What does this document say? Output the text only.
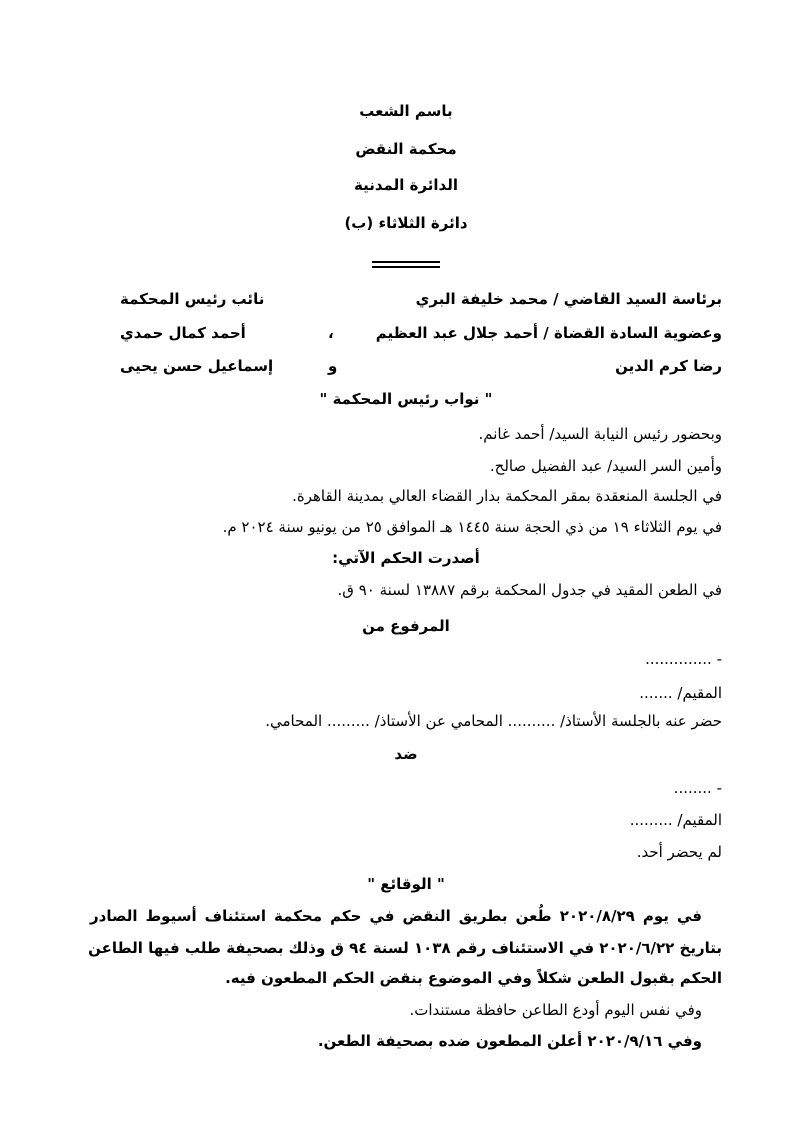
باسم الشعب
محكمة النقض
الدائرة المدنية
دائرة الثلاثاء (ب)
برئاسة السيد القاضي / محمد خليفة البري
نائب رئيس المحكمة
وعضوية السادة القضاة / أحمد جلال عبد العظيم
،
أحمد كمال حمدي
رضا كرم الدين
و
إسماعيل حسن يحيى
" نواب رئيس المحكمة "
وبحضور رئيس النيابة السيد/ أحمد غانم.
وأمين السر السيد/ عبد الفضيل صالح.
في الجلسة المنعقدة بمقر المحكمة بدار القضاء العالي بمدينة القاهرة.
في يوم الثلاثاء ١٩ من ذي الحجة سنة ١٤٤٥ هـ الموافق ٢٥ من يونيو سنة ٢٠٢٤ م.
أصدرت الحكم الآتي:
في الطعن المقيد في جدول المحكمة برقم ١٣٨٨٧ لسنة ٩٠ ق.
المرفوع من
- ..............
المقيم/ .......
حضر عنه بالجلسة الأستاذ/ .......... المحامي عن الأستاذ/ ......... المحامي.
ضد
- ........
المقيم/ .........
لم يحضر أحد.
" الوقائع "
في يوم ٢٠٢٠/٨/٢٩ طُعن بطريق النقض في حكم محكمة استئناف أسيوط الصادر
بتاريخ ٢٠٢٠/٦/٢٢ في الاستئناف رقم ١٠٣٨ لسنة ٩٤ ق وذلك بصحيفة طلب فيها الطاعن
الحكم بقبول الطعن شكلاً وفي الموضوع بنقض الحكم المطعون فيه.
وفي نفس اليوم أودع الطاعن حافظة مستندات.
وفي ٢٠٢٠/٩/١٦ أعلن المطعون ضده بصحيفة الطعن.
